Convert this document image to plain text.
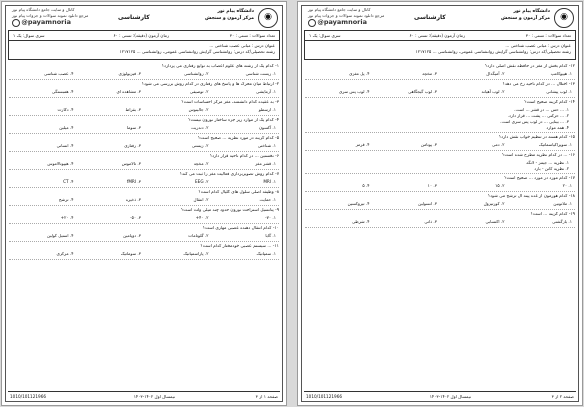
◉
دانشگاه پیام نور
مرکز آزمون و سنجش
کارشناسی
کانال و سایت جامع دانشگاه پیام نور
مرجع دانلود نمونه سوالات و جزوات پیام نور
@payamnoria
تعداد سوالات : تستی : ۳۰
زمان آزمون (دقیقه): تستی : ۶۰
سری سوال: یک ۱
عنوان درس : مبانی عصب شناختی ...
رشته تحصیلی/کد درس: روانشناسی گرایش روانشناسی عمومی، روانشناسی ... ۱۲۱۷۱۲۵
۱- کدام یک از رشته های علوم اعصاب به توابع رفتاری می پردازد؟
۱. زیست شناسی
۲. روانشناسی
۳. فیزیولوژی
۴. عصب شناسی
۲- ارتباط میان محرک ها و پاسخ های رفتاری در کدام روش بررسی می شود؟
۱. آزمایشی
۲. توصیفی
۳. مشاهده ای
۴. همبستگی
۳- به عقیده کدام دانشمند، مغز مرکز احساسات است؟
۱. ارسطو
۲. جالینوس
۳. بقراط
۴. دکارت
۴- کدام یک از موارد زیر جزء ساختار نورون نیست؟
۱. آکسون
۲. دندریت
۳. سوما
۴. میلین
۵- کدام گزینه در مورد نظریه ... صحیح است؟
۱. شناختی
۲. زیستی
۳. رفتاری
۴. انسانی
۶- نخستین ... در کدام ناحیه قرار دارد؟
۱. قشر مغز
۲. مخچه
۳. تالاموس
۴. هیپوتالاموس
۷- کدام روش تصویربرداری فعالیت مغز را ثبت می کند؟
۱. MRI
۲. EEG
۳. fMRI
۴. CT
۸- وظیفه اصلی سلول های گلیال کدام است؟
۱. حمایت
۲. انتقال
۳. ذخیره
۴. ترشح
۹- پتانسیل استراحت نورون حدود چند میلی ولت است؟
۱. ۷۰-
۲. ۴۰+
۳. ۵۰-
۴. ۲۰+
۱۰- کدام انتقال دهنده عصبی مهاری است؟
۱. گابا
۲. گلوتامات
۳. دوپامین
۴. استیل کولین
۱۱- ... سیستم عصبی خودمختار کدام است؟
۱. سمپاتیک
۲. پاراسمپاتیک
۳. سوماتیک
۴. مرکزی
صفحه ۱ از ۳
نیمسال اول ۱۴۰۲-۱۴۰۳
1010/101121966
◉
دانشگاه پیام نور
مرکز آزمون و سنجش
کارشناسی
کانال و سایت جامع دانشگاه پیام نور
مرجع دانلود نمونه سوالات و جزوات پیام نور
@payamnoria
تعداد سوالات : تستی : ۳۰
زمان آزمون (دقیقه): تستی : ۶۰
سری سوال: یک ۱
عنوان درس : مبانی عصب شناختی ...
رشته تحصیلی/کد درس: روانشناسی گرایش روانشناسی عمومی، روانشناسی ... ۱۲۱۷۱۲۵
۱۲- کدام بخش از مغز در حافظه نقش اصلی دارد؟
۱. هیپوکامپ
۲. آمیگدال
۳. مخچه
۴. پل مغزی
۱۳- اختلال ... در کدام ناحیه رخ می دهد؟
۱. لوب پیشانی
۲. لوب آهیانه
۳. لوب گیجگاهی
۴. لوب پس سری
۱۴- کدام گزینه صحیح است؟
۱. ... حس ... در قشر ... است.
۲. ... حرکتی ... پشت ... قرار دارد.
۳. ... بینایی ... در لوب پس سری است.
۴. همه موارد
۱۵- کدام هسته در تنظیم خواب نقش دارد؟
۱. سوپراکیاسماتیک
۲. دمی
۳. پوتامن
۴. قرمز
۱۶- ... در کدام نظریه مطرح شده است؟
۱. نظریه ... جیمز - لانگه
۲. نظریه کانن - بارد
۱۷- کدام مورد در مورد ... صحیح است؟
۱. ۲۰
۲. ۱۵
۳. ۱۰
۴. ۵
۱۸- کدام هورمون از غده پینه آل ترشح می شود؟
۱. ملاتونین
۲. کورتیزول
۳. انسولین
۴. تیروکسین
۱۹- کدام گزینه ... است؟
۱. بازگشتی
۲. اکتسابی
۳. ذاتی
۴. شرطی
صفحه ۲ از ۳
نیمسال اول ۱۴۰۲-۱۴۰۳
1010/101121966
